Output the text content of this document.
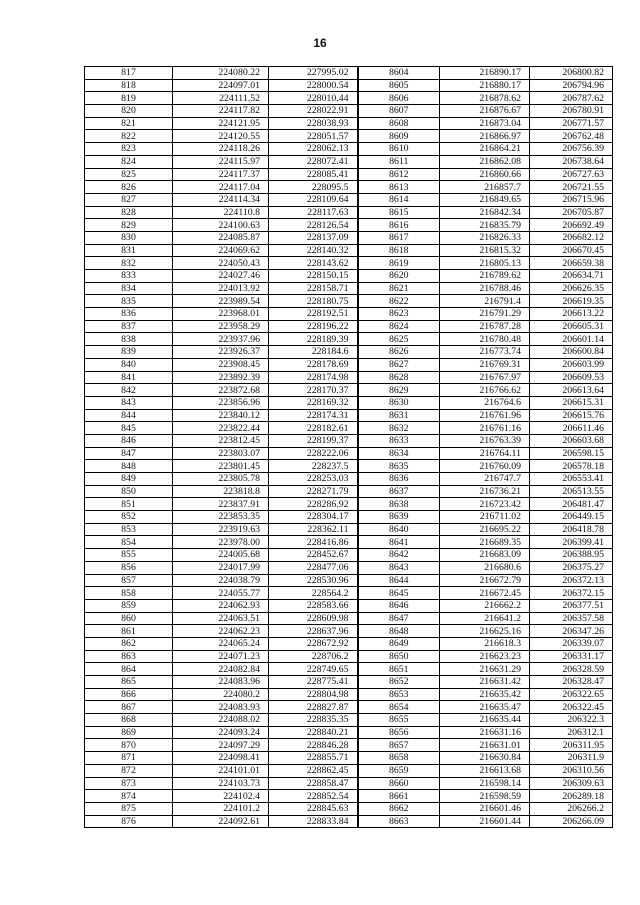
16
817	224080.22	227995.02	8604	216890.17	206800.82
818	224097.01	228000.54	8605	216880.17	206794.96
819	224111.52	228010.44	8606	216878.62	206787.62
820	224117.82	228022.91	8607	216876.67	206780.91
821	224121.95	228038.93	8608	216873.04	206771.57
822	224120.55	228051.57	8609	216866.97	206762.48
823	224118.26	228062.13	8610	216864.21	206756.39
824	224115.97	228072.41	8611	216862.08	206738.64
825	224117.37	228085.41	8612	216860.66	206727.63
826	224117.04	228095.5	8613	216857.7	206721.55
827	224114.34	228109.64	8614	216849.65	206715.96
828	224110.8	228117.63	8615	216842.34	206705.87
829	224100.63	228126.54	8616	216835.79	206692.49
830	224085.87	228137.09	8617	216826.33	206682.12
831	224069.62	228140.32	8618	216815.32	206670.45
832	224050.43	228143.62	8619	216805.13	206659.38
833	224027.46	228150.15	8620	216789.62	206634.71
834	224013.92	228158.71	8621	216788.46	206626.35
835	223989.54	228180.75	8622	216791.4	206619.35
836	223968.01	228192.51	8623	216791.29	206613.22
837	223958.29	228196.22	8624	216787.28	206605.31
838	223937.96	228189.39	8625	216780.48	206601.14
839	223926.37	228184.6	8626	216773.74	206600.84
840	223908.45	228178.69	8627	216769.31	206603.99
841	223892.39	228174.98	8628	216767.97	206609.53
842	223872.68	228170.37	8629	216766.62	206613.64
843	223856.96	228169.32	8630	216764.6	206615.31
844	223840.12	228174.31	8631	216761.96	206615.76
845	223822.44	228182.61	8632	216761.16	206611.46
846	223812.45	228199.37	8633	216763.39	206603.68
847	223803.07	228222.06	8634	216764.11	206598.15
848	223801.45	228237.5	8635	216760.09	206578.18
849	223805.78	228253.03	8636	216747.7	206553.41
850	223818.8	228271.79	8637	216736.21	206513.55
851	223837.91	228286.92	8638	216723.42	206481.47
852	223853.35	228304.17	8639	216711.02	206449.15
853	223919.63	228362.11	8640	216695.22	206418.78
854	223978.00	228416.86	8641	216689.35	206399.41
855	224005.68	228452.67	8642	216683.09	206388.95
856	224017.99	228477.06	8643	216680.6	206375.27
857	224038.79	228530.96	8644	216672.79	206372.13
858	224055.77	228564.2	8645	216672.45	206372.15
859	224062.93	228583.66	8646	216662.2	206377.51
860	224063.51	228609.98	8647	216641.2	206357.58
861	224062.23	228637.96	8648	216625.16	206347.26
862	224065.24	228672.92	8649	216618.3	206339.07
863	224071.23	228706.2	8650	216623.23	206331.17
864	224082.84	228749.65	8651	216631.29	206328.59
865	224083.96	228775.41	8652	216631.42	206328.47
866	224080.2	228804.98	8653	216635.42	206322.65
867	224083.93	228827.87	8654	216635.47	206322.45
868	224088.02	228835.35	8655	216635.44	206322.3
869	224093.24	228840.21	8656	216631.16	206312.1
870	224097.29	228846.28	8657	216631.01	206311.95
871	224098.41	228855.71	8658	216630.84	206311.9
872	224101.01	228862.45	8659	216613.68	206310.56
873	224103.73	228858.47	8660	216598.14	206309.63
874	224102.4	228852.54	8661	216598.59	206289.18
875	224101.2	228845.63	8662	216601.46	206266.2
876	224092.61	228833.84	8663	216601.44	206266.09
